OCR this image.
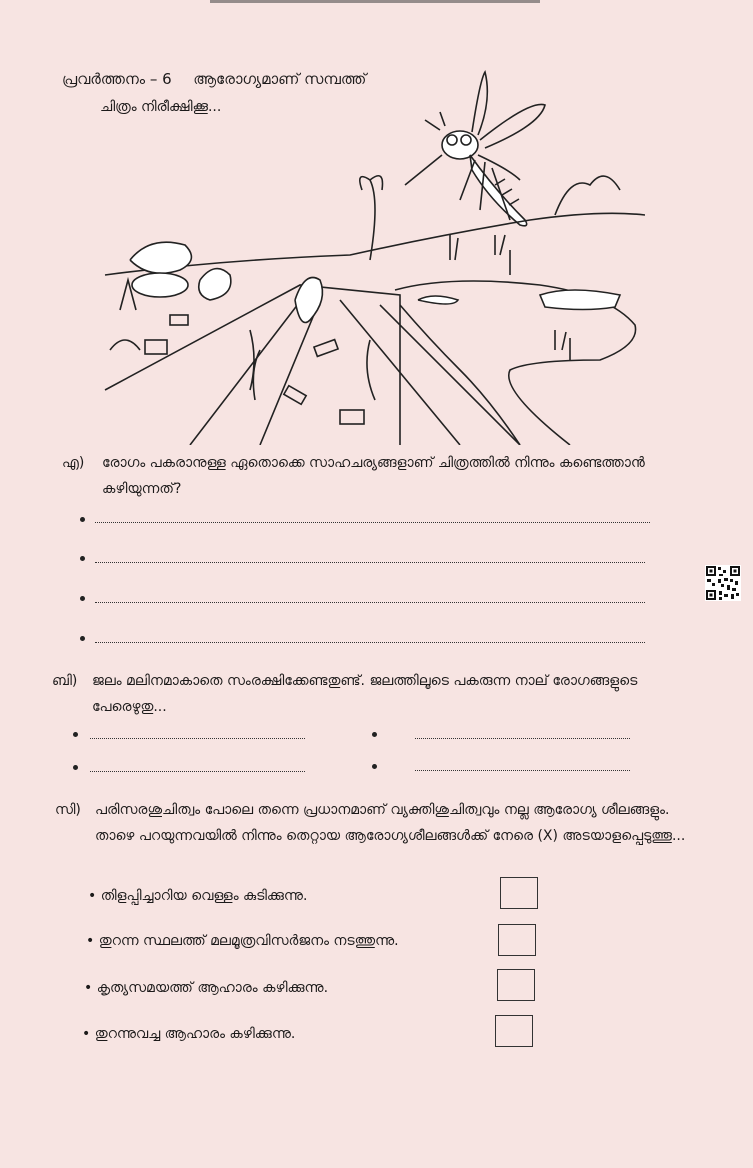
പ്രവർത്തനം – 6 ആരോഗ്യമാണ് സമ്പത്ത്
ചിത്രം നിരീക്ഷിക്കൂ...
എ) രോഗം പകരാനുള്ള ഏതൊക്കെ സാഹചര്യങ്ങളാണ് ചിത്രത്തിൽ നിന്നും കണ്ടെത്താൻ കഴിയുന്നത്?
ബി) ജലം മലിനമാകാതെ സംരക്ഷിക്കേണ്ടതുണ്ട്. ജലത്തിലൂടെ പകരുന്ന നാല് രോഗങ്ങളുടെ പേരെഴുതു...
സി) പരിസരശുചിത്വം പോലെ തന്നെ പ്രധാനമാണ് വ്യക്തിശുചിത്വവും നല്ല ആരോഗ്യ ശീലങ്ങളും. താഴെ പറയുന്നവയിൽ നിന്നും തെറ്റായ ആരോഗ്യശീലങ്ങൾക്ക് നേരെ (X) അടയാളപ്പെടുത്തൂ...
• തിളപ്പിച്ചാറിയ വെള്ളം കുടിക്കുന്നു.
• തുറന്ന സ്ഥലത്ത് മലമൂത്രവിസർജനം നടത്തുന്നു.
• കൃത്യസമയത്ത് ആഹാരം കഴിക്കുന്നു.
• തുറന്നുവച്ച ആഹാരം കഴിക്കുന്നു.
